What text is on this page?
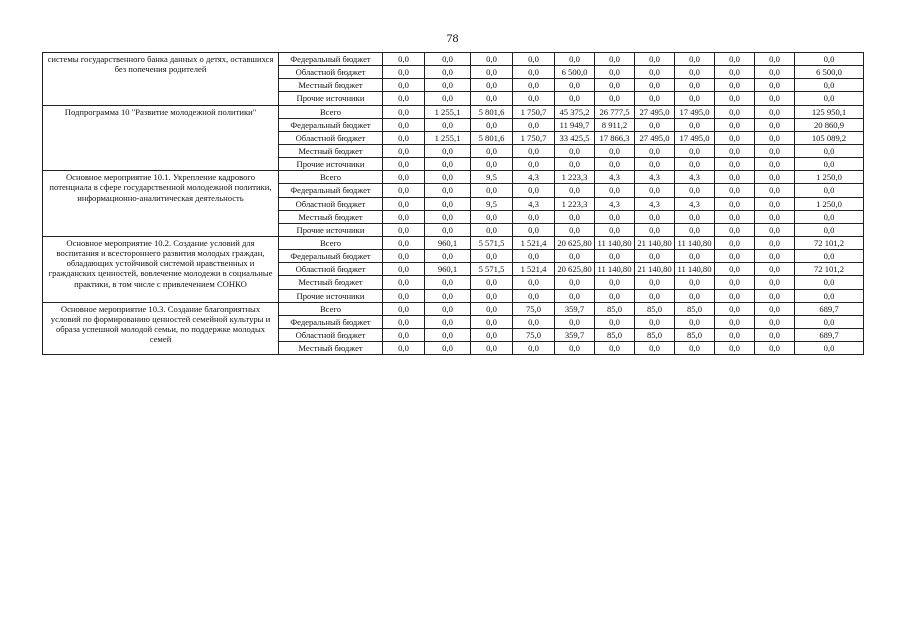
78
системы государственного банка данных о детях, оставшихся без попечения родителей	Федеральный бюджет	0,0	0,0	0,0	0,0	0,0	0,0	0,0	0,0	0,0	0,0	0,0
	Областной бюджет	0,0	0,0	0,0	0,0	6 500,0	0,0	0,0	0,0	0,0	0,0	6 500,0
	Местный бюджет	0,0	0,0	0,0	0,0	0,0	0,0	0,0	0,0	0,0	0,0	0,0
	Прочие источники	0,0	0,0	0,0	0,0	0,0	0,0	0,0	0,0	0,0	0,0	0,0
Подпрограмма 10 "Развитие молодежной политики"	Всего	0,0	1 255,1	5 801,6	1 750,7	45 375,2	26 777,5	27 495,0	17 495,0	0,0	0,0	125 950,1
	Федеральный бюджет	0,0	0,0	0,0	0,0	11 949,7	8 911,2	0,0	0,0	0,0	0,0	20 860,9
	Областной бюджет	0,0	1 255,1	5 801,6	1 750,7	33 425,5	17 866,3	27 495,0	17 495,0	0,0	0,0	105 089,2
	Местный бюджет	0,0	0,0	0,0	0,0	0,0	0,0	0,0	0,0	0,0	0,0	0,0
	Прочие источники	0,0	0,0	0,0	0,0	0,0	0,0	0,0	0,0	0,0	0,0	0,0
Основное мероприятие 10.1. Укрепление кадрового потенциала в сфере государственной молодежной политики, информационно-аналитическая деятельность	Всего	0,0	0,0	9,5	4,3	1 223,3	4,3	4,3	4,3	0,0	0,0	1 250,0
	Федеральный бюджет	0,0	0,0	0,0	0,0	0,0	0,0	0,0	0,0	0,0	0,0	0,0
	Областной бюджет	0,0	0,0	9,5	4,3	1 223,3	4,3	4,3	4,3	0,0	0,0	1 250,0
	Местный бюджет	0,0	0,0	0,0	0,0	0,0	0,0	0,0	0,0	0,0	0,0	0,0
	Прочие источники	0,0	0,0	0,0	0,0	0,0	0,0	0,0	0,0	0,0	0,0	0,0
Основное мероприятие 10.2. Создание условий для воспитания и всестороннего развития молодых граждан, обладающих устойчивой системой нравственных и гражданских ценностей, вовлечение молодежи в социальные практики, в том числе с привлечением СОНКО	Всего	0,0	960,1	5 571,5	1 521,4	20 625,80	11 140,80	21 140,80	11 140,80	0,0	0,0	72 101,2
	Федеральный бюджет	0,0	0,0	0,0	0,0	0,0	0,0	0,0	0,0	0,0	0,0	0,0
	Областной бюджет	0,0	960,1	5 571,5	1 521,4	20 625,80	11 140,80	21 140,80	11 140,80	0,0	0,0	72 101,2
	Местный бюджет	0,0	0,0	0,0	0,0	0,0	0,0	0,0	0,0	0,0	0,0	0,0
	Прочие источники	0,0	0,0	0,0	0,0	0,0	0,0	0,0	0,0	0,0	0,0	0,0
Основное мероприятие 10.3. Создание благоприятных условий по формированию ценностей семейной культуры и образа успешной молодой семьи, по поддержке молодых семей	Всего	0,0	0,0	0,0	75,0	359,7	85,0	85,0	85,0	0,0	0,0	689,7
	Федеральный бюджет	0,0	0,0	0,0	0,0	0,0	0,0	0,0	0,0	0,0	0,0	0,0
	Областной бюджет	0,0	0,0	0,0	75,0	359,7	85,0	85,0	85,0	0,0	0,0	689,7
	Местный бюджет	0,0	0,0	0,0	0,0	0,0	0,0	0,0	0,0	0,0	0,0	0,0
